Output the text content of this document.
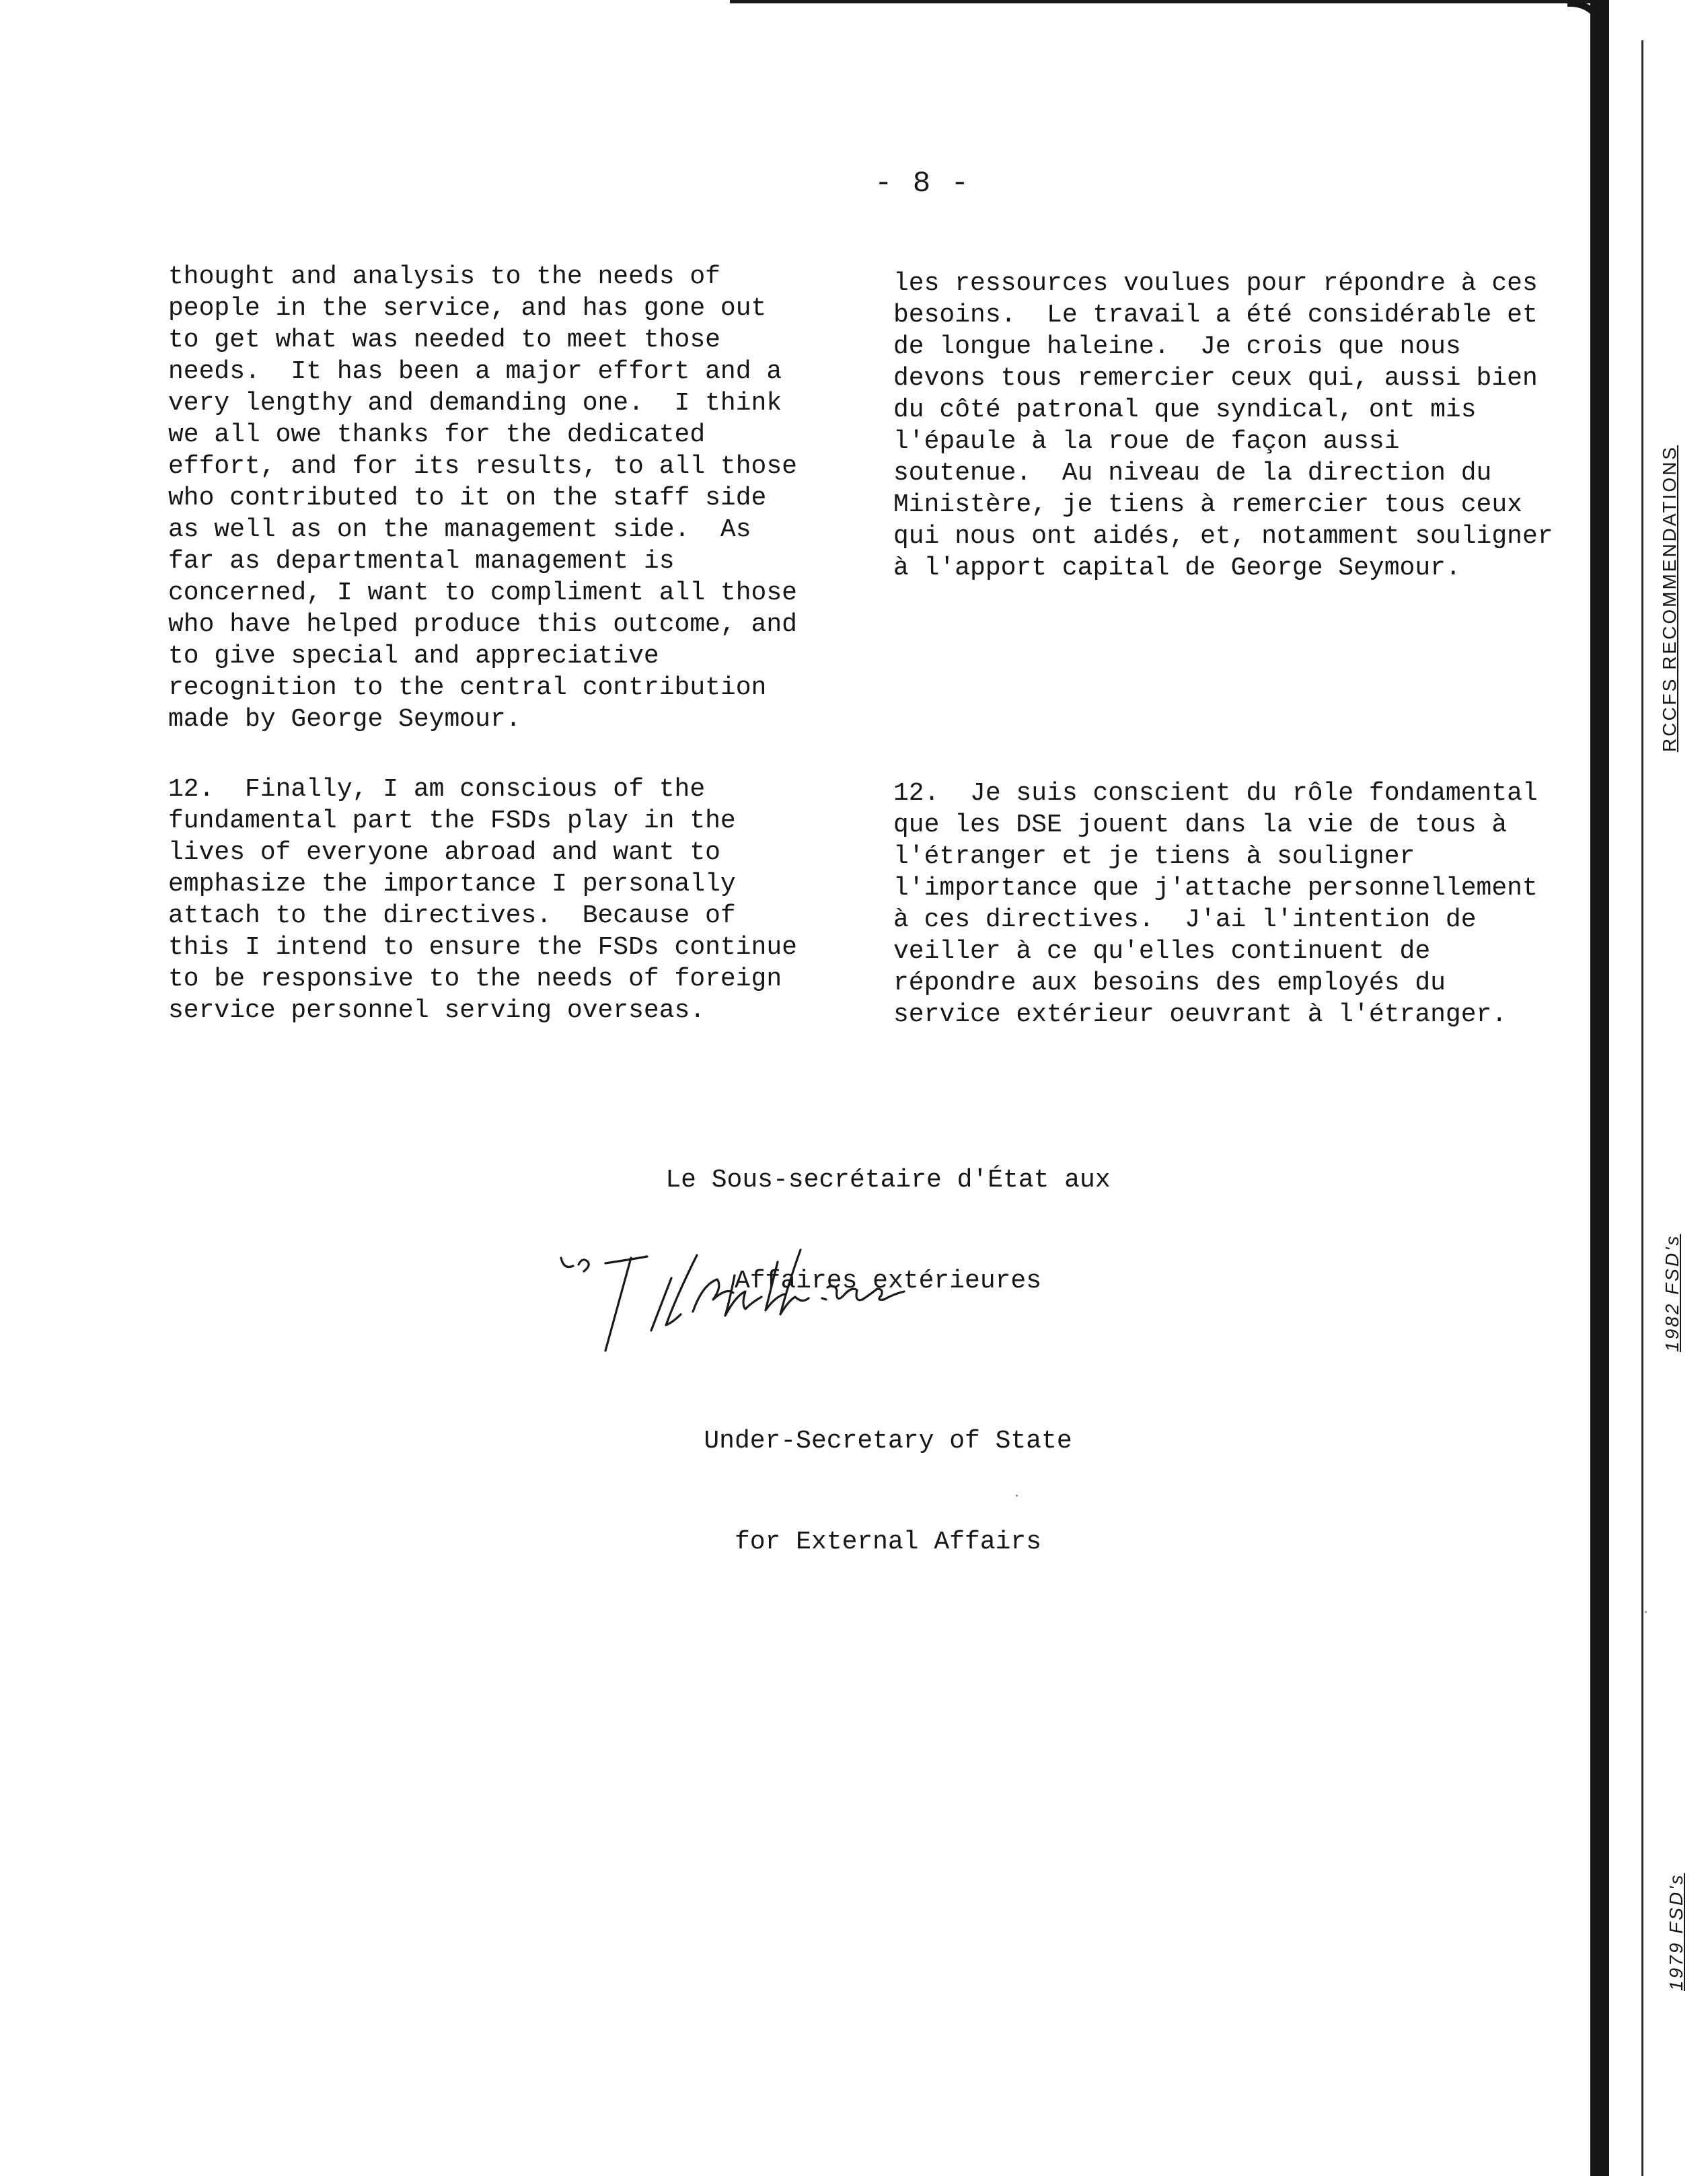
- 8 -
thought and analysis to the needs of
people in the service, and has gone out
to get what was needed to meet those
needs.  It has been a major effort and a
very lengthy and demanding one.  I think
we all owe thanks for the dedicated
effort, and for its results, to all those
who contributed to it on the staff side
as well as on the management side.  As
far as departmental management is
concerned, I want to compliment all those
who have helped produce this outcome, and
to give special and appreciative
recognition to the central contribution
made by George Seymour.
les ressources voulues pour répondre à ces
besoins.  Le travail a été considérable et
de longue haleine.  Je crois que nous
devons tous remercier ceux qui, aussi bien
du côté patronal que syndical, ont mis
l'épaule à la roue de façon aussi
soutenue.  Au niveau de la direction du
Ministère, je tiens à remercier tous ceux
qui nous ont aidés, et, notamment souligner
à l'apport capital de George Seymour.
12.  Finally, I am conscious of the
fundamental part the FSDs play in the
lives of everyone abroad and want to
emphasize the importance I personally
attach to the directives.  Because of
this I intend to ensure the FSDs continue
to be responsive to the needs of foreign
service personnel serving overseas.
12.  Je suis conscient du rôle fondamental
que les DSE jouent dans la vie de tous à
l'étranger et je tiens à souligner
l'importance que j'attache personnellement
à ces directives.  J'ai l'intention de
veiller à ce qu'elles continuent de
répondre aux besoins des employés du
service extérieur oeuvrant à l'étranger.

Le Sous-secrétaire d'État aux

Affaires extérieures

Under-Secretary of State

for External Affairs

RCCFS RECOMMENDATIONS
1982 FSD's
1979 FSD's
